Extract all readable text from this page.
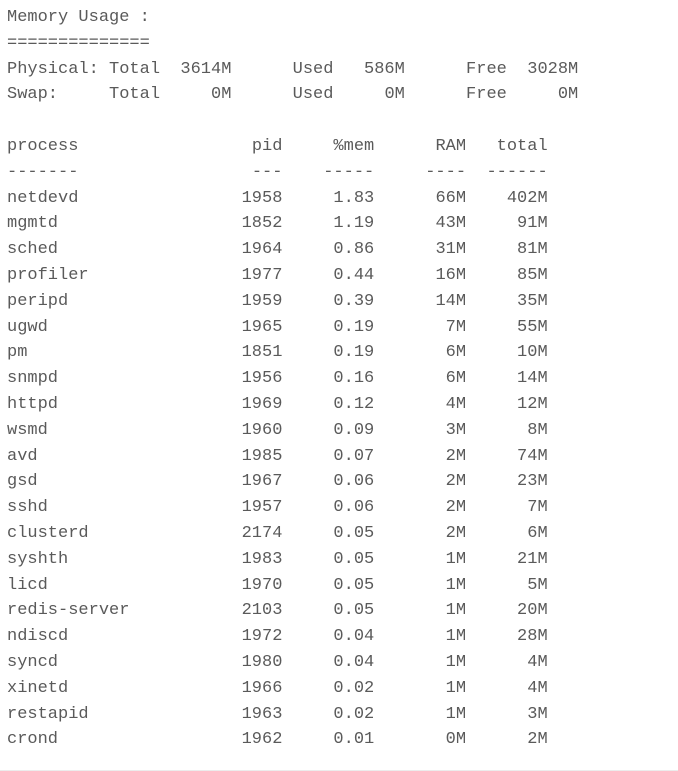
Memory Usage :
==============
Physical: Total	3614M	Used	586M	Free	3028M
Swap:	Total	0M	Used	0M	Free	0M
process	pid	%mem	RAM	total
-------	---	-----	----	------
netdevd	1958	1.83	66M	402M
mgmtd	1852	1.19	43M	91M
sched	1964	0.86	31M	81M
profiler	1977	0.44	16M	85M
peripd	1959	0.39	14M	35M
ugwd	1965	0.19	7M	55M
pm	1851	0.19	6M	10M
snmpd	1956	0.16	6M	14M
httpd	1969	0.12	4M	12M
wsmd	1960	0.09	3M	8M
avd	1985	0.07	2M	74M
gsd	1967	0.06	2M	23M
sshd	1957	0.06	2M	7M
clusterd	2174	0.05	2M	6M
syshth	1983	0.05	1M	21M
licd	1970	0.05	1M	5M
redis-server	2103	0.05	1M	20M
ndiscd	1972	0.04	1M	28M
syncd	1980	0.04	1M	4M
xinetd	1966	0.02	1M	4M
restapid	1963	0.02	1M	3M
crond	1962	0.01	0M	2M
